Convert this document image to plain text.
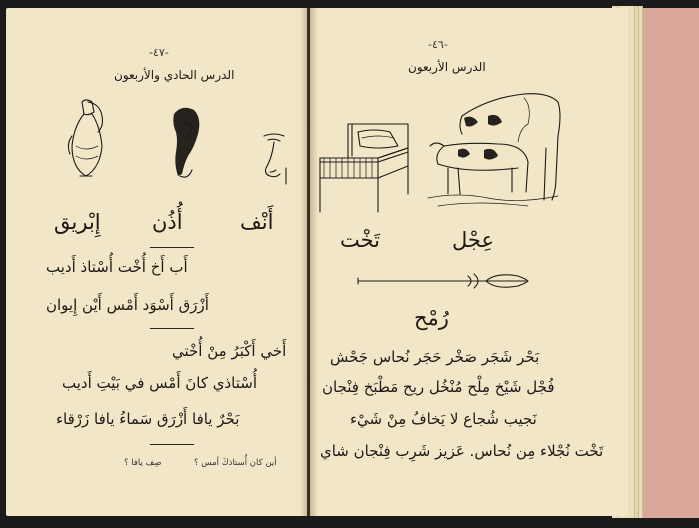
-٤٧-
الدرس الحادي والأربعون
إِبْريق أُذُن	أَنْف
أَب أَخ أُخْت أُسْتاذ أَديب
أَزْرَق أَسْوَد أَمْس أَيْن إِيوان
أَخي أَكْبَرُ مِنْ أُخْتي
أُسْتاذي كانَ أَمْس في بَيْتِ أَديب
بَحْرٌ يافا أَزْرَق سَماءُ يافا زَرْقاء
أين كان أُستاذكَ أمس ؟
صِف يافا ؟
-٤٦-
الدرس الأربعون
تَخْت	عِجْل
رُمْح
بَحْر شَجَر صَخْر حَجَر نُحاس جَحْش
فُجْل شَيْخ مِلْح مُنْخُل ريح مَطْبَخ فِنْجان
نَجيب شُجاع لا يَخافُ مِنْ شَيْء
تَخْت نُجْلاء مِن نُحاس. عَزيز شَرِب فِنْجان شاي
